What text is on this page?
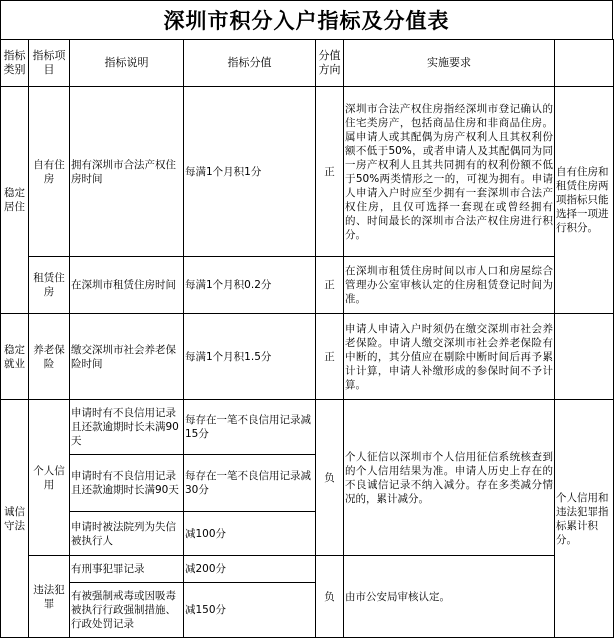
深圳市积分入户指标及分值表
指标类别	指标项目	指标说明	指标分值	分值方向	实施要求	
稳定居住	自有住房	拥有深圳市合法产权住房时间	每满1个月积1分	正	深圳市合法产权住房指经深圳市登记确认的住宅类房产，包括商品住房和非商品住房。属申请人或其配偶为房产权利人且其权利份额不低于50%，或者申请人及其配偶同为同一房产权利人且其共同拥有的权利份额不低于50%两类情形之一的，可视为拥有。申请人申请入户时应至少拥有一套深圳市合法产权住房，且仅可选择一套现在或曾经拥有的、时间最长的深圳市合法产权住房进行积分。	自有住房和租赁住房两项指标只能选择一项进行积分。
	租赁住房	在深圳市租赁住房时间	每满1个月积0.2分	正	在深圳市租赁住房时间以市人口和房屋综合管理办公室审核认定的住房租赁登记时间为准。	
稳定就业	养老保险	缴交深圳市社会养老保险时间	每满1个月积1.5分	正	申请人申请入户时须仍在缴交深圳市社会养老保险。申请人缴交深圳市社会养老保险有中断的，其分值应在剔除中断时间后再予累计计算，申请人补缴形成的参保时间不予计算。	
诚信守法	个人信用	申请时有不良信用记录且还款逾期时长未满90天	每存在一笔不良信用记录减15分	负	个人征信以深圳市个人信用征信系统核查到的个人信用结果为准。申请人历史上存在的不良诚信记录不纳入减分。存在多类减分情况的，累计减分。	个人信用和违法犯罪指标累计积分。
		申请时有不良信用记录且还款逾期时长满90天	每存在一笔不良信用记录减30分			
		申请时被法院列为失信被执行人	减100分			
	违法犯罪	有刑事犯罪记录	减200分	负	由市公安局审核认定。	
		有被强制戒毒或因吸毒被执行行政强制措施、行政处罚记录	减150分			
